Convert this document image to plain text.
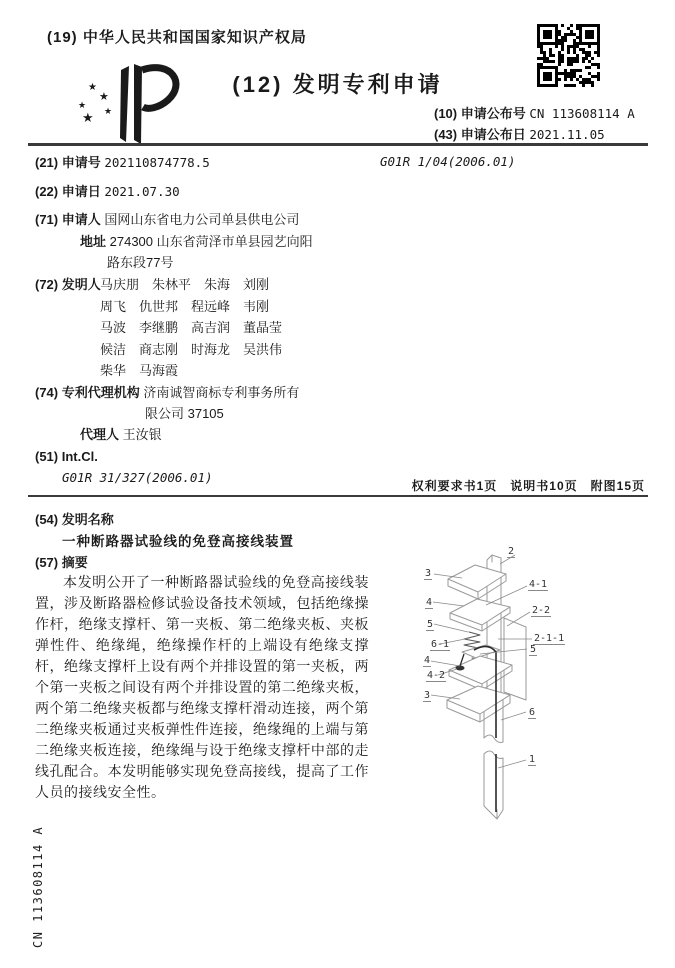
(19) 中华人民共和国国家知识产权局
★
★
★
★
★
(12) 发明专利申请
(10) 申请公布号 CN 113608114 A
(43) 申请公布日 2021.11.05
(21) 申请号 202110874778.5	G01R 1/04(2006.01)
(22) 申请日 2021.07.30
(71) 申请人 国网山东省电力公司单县供电公司
地址 274300 山东省菏泽市单县园艺向阳
路东段77号
(72) 发明人 马庆朋　朱林平　朱海　刘刚
周飞　仇世邦　程远峰　韦刚
马波　李继鹏　高吉润　董晶莹
候洁　商志刚　时海龙　吴洪伟
柴华　马海霞
(74) 专利代理机构 济南诚智商标专利事务所有
限公司 37105
代理人 王汝银
(51) Int.Cl.
G01R 31/327(2006.01)
权利要求书1页　说明书10页　附图15页
(54) 发明名称
一种断路器试验线的免登高接线装置
(57) 摘要
本发明公开了一种断路器试验线的免登高接线装置，涉及断路器检修试验设备技术领域，包括绝缘操作杆，绝缘支撑杆、第一夹板、第二绝缘夹板、夹板弹性件、绝缘绳，绝缘操作杆的上端设有绝缘支撑杆，绝缘支撑杆上设有两个并排设置的第一夹板，两个第一夹板之间设有两个并排设置的第二绝缘夹板，两个第二绝缘夹板都与绝缘支撑杆滑动连接，两个第二绝缘夹板通过夹板弹性件连接，绝缘绳的上端与第二绝缘夹板连接，绝缘绳与设于绝缘支撑杆中部的走线孔配合。本发明能够实现免登高接线，提高了工作人员的接线安全性。
2
3
4-1
4
2-2
5
2-1-1
6-1	5
4
4-2
3
6
1
CN 113608114 A
